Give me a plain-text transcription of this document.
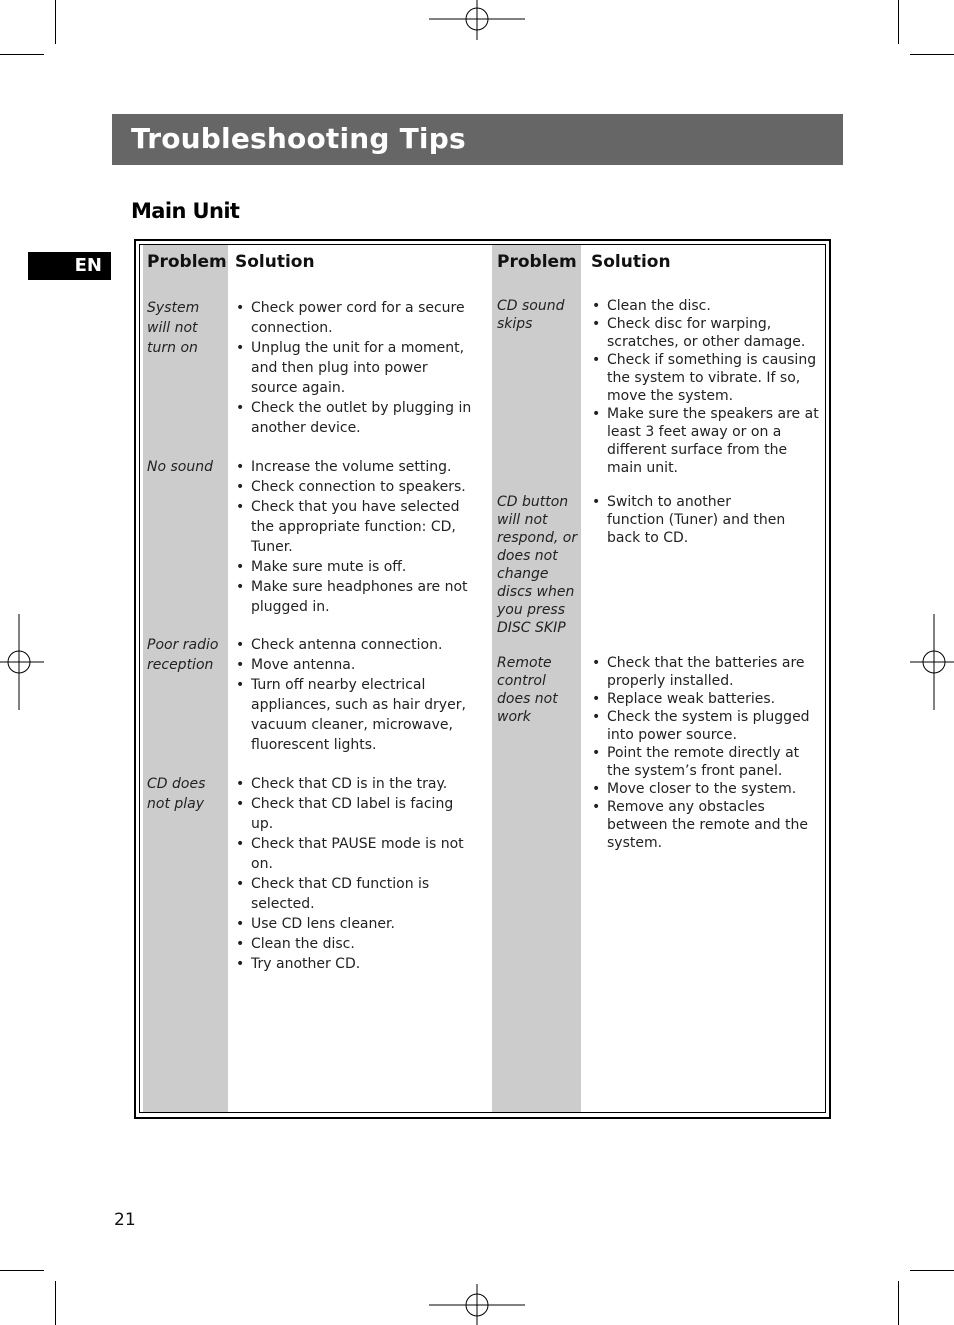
Troubleshooting Tips
Main Unit
EN	Problem Solution	Problem Solution

System will not turn on

• Check power cord for a secure connection.
• Unplug the unit for a moment, and then plug into power source again.
• Check the outlet by plugging in another device.

No sound

•	Increase the volume setting.
• Check connection to speakers.
• Check that you have selected the appropriate function: CD, Tuner.
• Make sure mute is off.
• Make sure headphones are not plugged in.

Poor radio reception

• Check antenna connection.
• Move antenna.
• Turn off nearby electrical appliances, such as hair dryer, vacuum cleaner, microwave, fluorescent lights.

CD does not play

• Check that CD is in the tray.
• Check that CD label is facing up.
• Check that PAUSE mode is not on.
• Check that CD function is selected.
• Use CD lens cleaner.
• Clean the disc.
• Try another CD.

CD sound skips

• Clean the disc.
• Check disc for warping, scratches, or other damage.
• Check if something is causing the system to vibrate. If so, move the system.
• Make sure the speakers are at least 3 feet away or on a different surface from the main unit.

CD button will not respond, or does not change discs when you press DISC SKIP

• Switch to another function (Tuner) and then back to CD.

Remote control does not work

• Check that the batteries are properly installed.
• Replace weak batteries.
• Check the system is plugged into power source.
• Point the remote directly at the system’s front panel.
• Move closer to the system.
• Remove any obstacles between the remote and the system.
21
